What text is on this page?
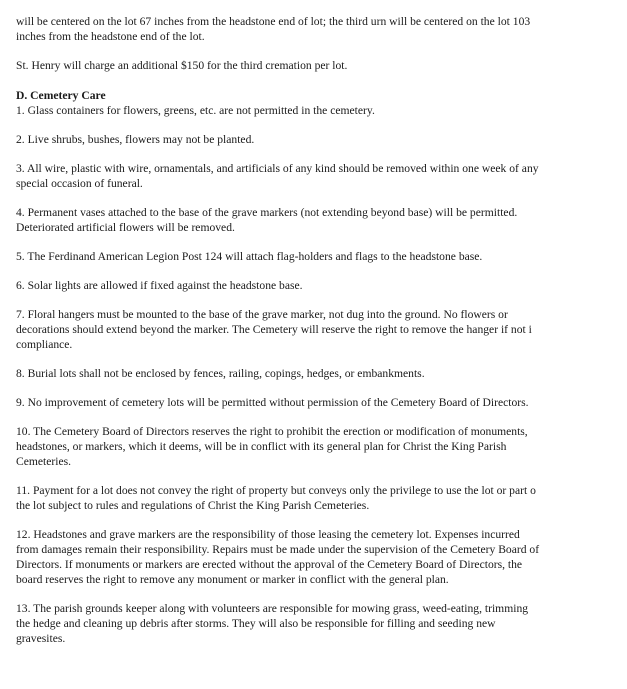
will be centered on the lot 67 inches from the headstone end of lot; the third urn will be centered on the lot 103
inches from the headstone end of the lot.
St. Henry will charge an additional $150 for the third cremation per lot.
D. Cemetery Care
1. Glass containers for flowers, greens, etc. are not permitted in the cemetery.
2. Live shrubs, bushes, flowers may not be planted.
3. All wire, plastic with wire, ornamentals, and artificials of any kind should be removed within one week of any
special occasion of funeral.
4. Permanent vases attached to the base of the grave markers (not extending beyond base) will be permitted.
Deteriorated artificial flowers will be removed.
5. The Ferdinand American Legion Post 124 will attach flag-holders and flags to the headstone base.
6. Solar lights are allowed if fixed against the headstone base.
7. Floral hangers must be mounted to the base of the grave marker, not dug into the ground. No flowers or
decorations should extend beyond the marker. The Cemetery will reserve the right to remove the hanger if not i
compliance.
8. Burial lots shall not be enclosed by fences, railing, copings, hedges, or embankments.
9. No improvement of cemetery lots will be permitted without permission of the Cemetery Board of Directors.
10. The Cemetery Board of Directors reserves the right to prohibit the erection or modification of monuments,
headstones, or markers, which it deems, will be in conflict with its general plan for Christ the King Parish
Cemeteries.
11. Payment for a lot does not convey the right of property but conveys only the privilege to use the lot or part o
the lot subject to rules and regulations of Christ the King Parish Cemeteries.
12. Headstones and grave markers are the responsibility of those leasing the cemetery lot. Expenses incurred
from damages remain their responsibility. Repairs must be made under the supervision of the Cemetery Board of
Directors. If monuments or markers are erected without the approval of the Cemetery Board of Directors, the
board reserves the right to remove any monument or marker in conflict with the general plan.
13. The parish grounds keeper along with volunteers are responsible for mowing grass, weed-eating, trimming
the hedge and cleaning up debris after storms. They will also be responsible for filling and seeding new
gravesites.
